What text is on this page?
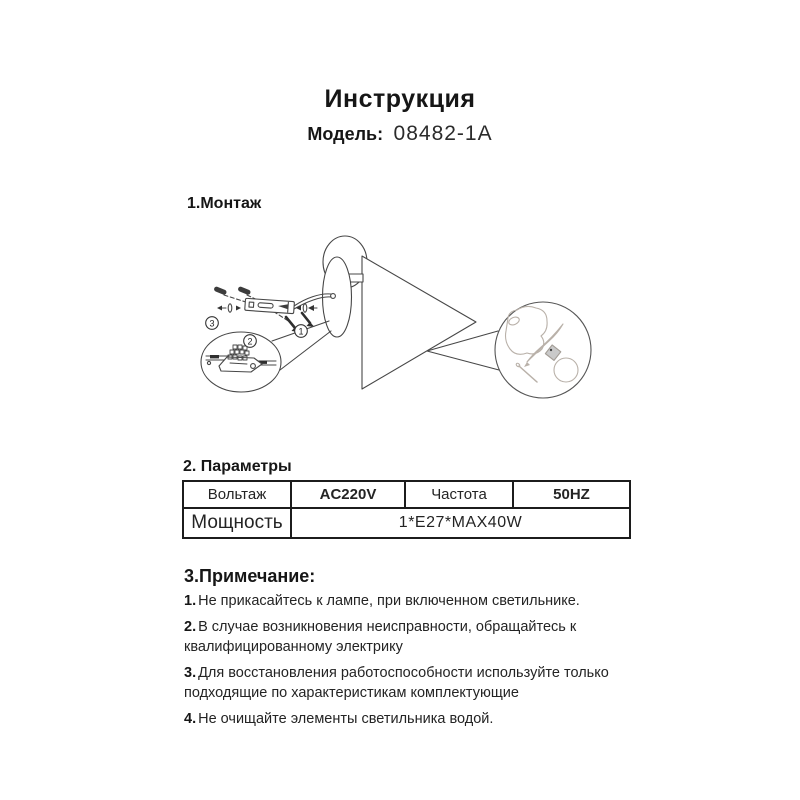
Инструкция
Модель: 08482-1A
1.Монтаж
3
1
2
2. Параметры
Вольтаж	AC220V	Частота	50HZ
Мощность	1*E27*MAX40W		
3.Примечание:
1. Не прикасайтесь к лампе, при включенном светильнике.
2. В случае возникновения неисправности, обращайтесь к квалифицированному электрику
3. Для восстановления работоспособности используйте только подходящие по характеристикам комплектующие
4. Не очищайте элементы светильника водой.
